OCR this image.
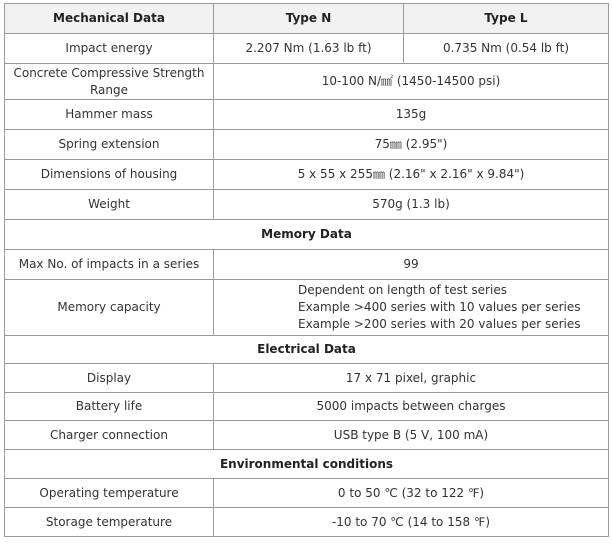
Mechanical Data	Type N	Type L
Impact energy	2.207 Nm (1.63 lb ft)	0.735 Nm (0.54 lb ft)

Concrete Compressive Strength
Range	10-100 N/㎟ (1450-14500 psi)	
Hammer mass	135g	
Spring extension	75㎜ (2.95")	
Dimensions of housing	5 x 55 x 255㎜ (2.16" x 2.16" x 9.84")	
Weight	570g (1.3 lb)	
Memory Data		
Max No. of impacts in a series	99	
Memory capacity	Dependent on length of test series
Example >400 series with 10 values per series
Example >200 series with 20 values per series	

Electrical Data		
Display	17 x 71 pixel, graphic	
Battery life	5000 impacts between charges	
Charger connection	USB type B (5 V, 100 mA)	
Environmental conditions		
Operating temperature	0 to 50 ℃ (32 to 122 ℉)	
Storage temperature	-10 to 70 ℃ (14 to 158 ℉)	
